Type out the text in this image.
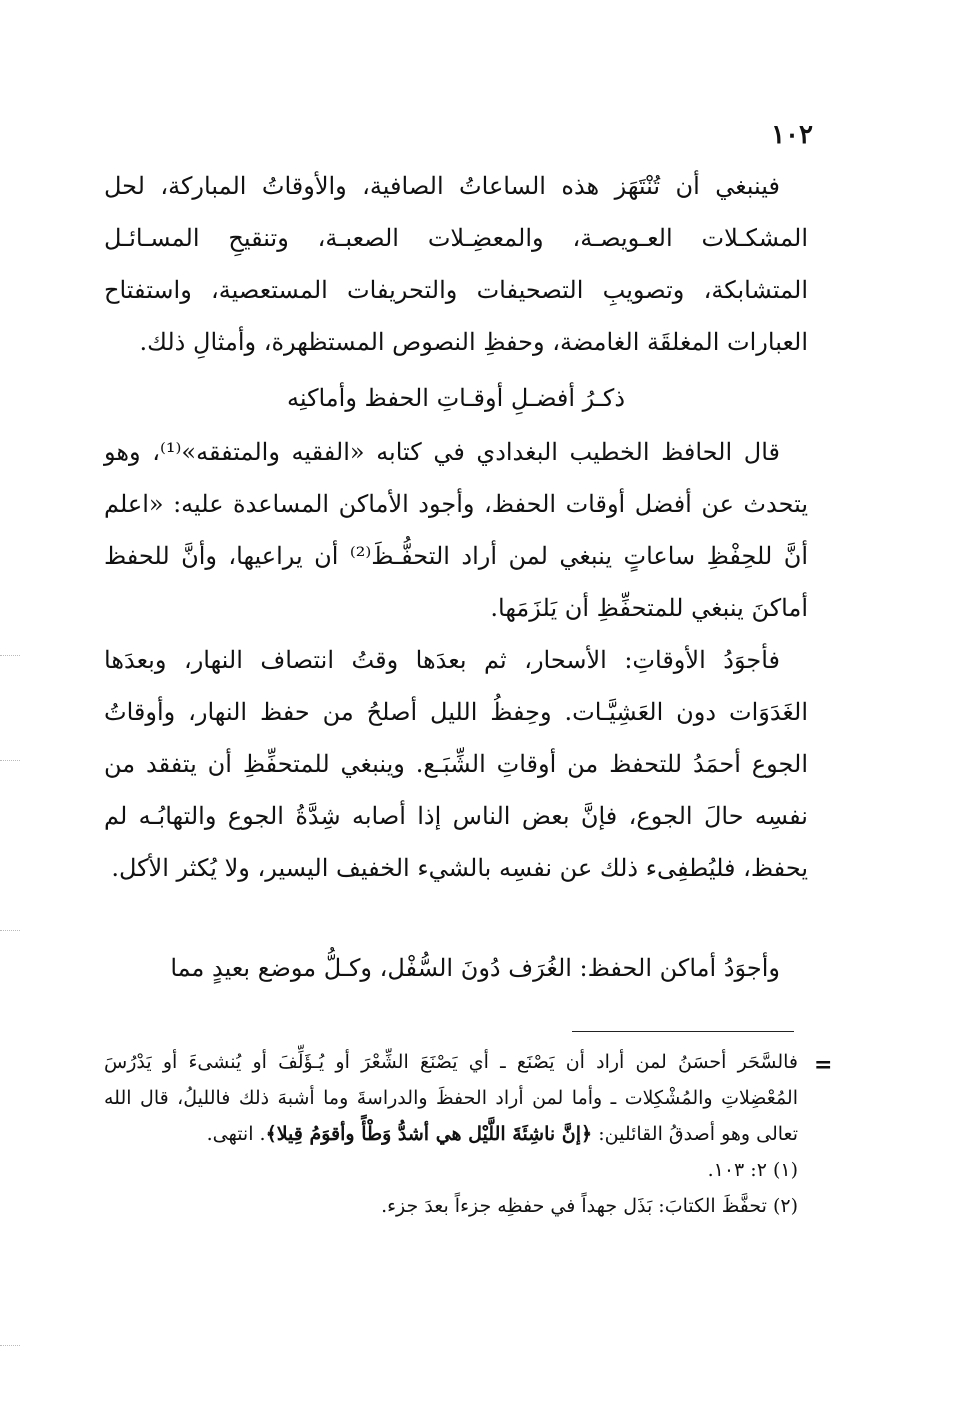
١٠٢
فينبغي أن تُنْتَهَز هذه الساعاتُ الصافية، والأوقاتُ المباركة، لحل المشكـلات العـويصـة، والمعضِـلات الصعبـة، وتنقيحِ المسـائـل المتشابكة، وتصويبِ التصحيفات والتحريفات المستعصية، واستفتاح العبارات المغلقَة الغامضة، وحفظِ النصوص المستظهرة، وأمثالِ ذلك.
ذكـرُ أفضـلِ أوقـاتِ الحفظ وأماكنِه
قال الحافظ الخطيب البغدادي في كتابه «الفقيه والمتفقه»⁽¹⁾، وهو يتحدث عن أفضل أوقات الحفظ، وأجود الأماكن المساعدة عليه: «اعلم أنَّ للحِفْظِ ساعاتٍ ينبغي لمن أراد التحفُّـظَ⁽²⁾ أن يراعيها، وأنَّ للحفظ أماكنَ ينبغي للمتحفِّظِ أن يَلزَمَها.
فأجوَدُ الأوقاتِ: الأسحار، ثم بعدَها وقتُ انتصاف النهار، وبعدَها الغَدَوَات دون العَشِيَّـات. وحِفظُ الليل أصلحُ من حفظ النهار، وأوقاتُ الجوع أحمَدُ للتحفظ من أوقاتِ الشِّبَـع. وينبغي للمتحفِّظِ أن يتفقد من نفسِه حالَ الجوع، فإنَّ بعض الناس إذا أصابه شِدَّةُ الجوع والتهابُـه لم يحفظ، فليُطفِىء ذلك عن نفسِه بالشيء الخفيف اليسير، ولا يُكثر الأكل.
وأجوَدُ أماكن الحفظ: الغُرَف دُونَ السُّفْل، وكـلُّ موضع بعيدٍ مما
=
فالسَّحَر أحسَنُ لمن أراد أن يَصْنَع ـ أي يَصْنَعَ الشِّعْرَ أو يُـؤَلِّفَ أو يُنشىءَ أو يَدْرُسَ المُعْضِلاتِ والمُشْكِلات ـ وأما لمن أراد الحفظَ والدراسةَ وما أشبهَ ذلك فالليلُ، قال الله تعالى وهو أصدقُ القائلين: ﴿إنَّ ناشِئَةَ اللَّيْل هي أشدُّ وَطْأً وأقوَمُ قِيلا﴾. انتهى.
(١) ٢: ١٠٣.
(٢) تحفَّظَ الكتابَ: بَذَل جهداً في حفظِه جزءاً بعدَ جزء.
